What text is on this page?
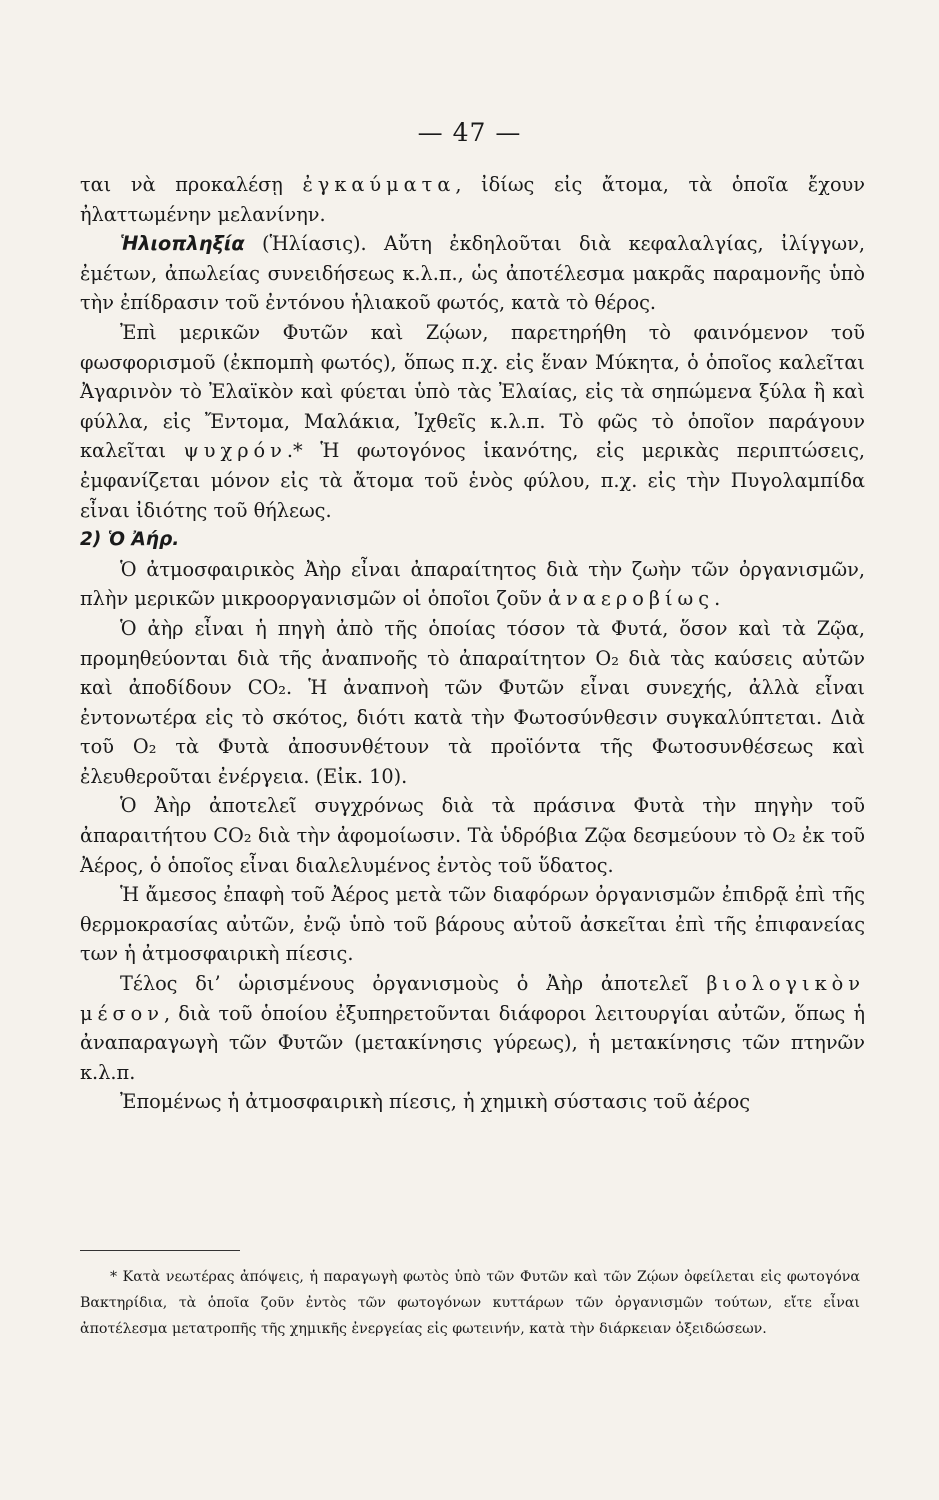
— 47 —

ται νὰ προκαλέσῃ ἐγκαύματα, ἰδίως εἰς ἄτομα, τὰ ὁποῖα ἔχουν ἠλαττωμένην μελανίνην.

Ἡλιοπληξία (Ἡλίασις). Αὔτη ἐκδηλοῦται διὰ κεφαλαλγίας, ἰλίγγων, ἐμέτων, ἀπωλείας συνειδήσεως κ.λ.π., ὡς ἀποτέλεσμα μακρᾶς παραμονῆς ὑπὸ τὴν ἐπίδρασιν τοῦ ἐντόνου ἡλιακοῦ φωτός, κατὰ τὸ θέρος.

Ἐπὶ μερικῶν Φυτῶν καὶ Ζῴων, παρετηρήθη τὸ φαινόμενον τοῦ φωσφορισμοῦ (ἐκπομπὴ φωτός), ὅπως π.χ. εἰς ἕναν Μύκητα, ὁ ὁποῖος καλεῖται Ἀγαρινὸν τὸ Ἐλαϊκὸν καὶ φύεται ὑπὸ τὰς Ἐλαίας, εἰς τὰ σηπώμενα ξύλα ἢ καὶ φύλλα, εἰς Ἔντομα, Μαλάκια, Ἰχθεῖς κ.λ.π. Τὸ φῶς τὸ ὁποῖον παράγουν καλεῖται ψυχρόν.* Ἡ φωτογόνος ἱκανότης, εἰς μερικὰς περιπτώσεις, ἐμφανίζεται μόνον εἰς τὰ ἄτομα τοῦ ἑνὸς φύλου, π.χ. εἰς τὴν Πυγολαμπίδα εἶναι ἰδιότης τοῦ θήλεως.

2) Ὁ Ἀήρ.

Ὁ ἀτμοσφαιρικὸς Ἀὴρ εἶναι ἀπαραίτητος διὰ τὴν ζωὴν τῶν ὀργανισμῶν, πλὴν μερικῶν μικροοργανισμῶν οἱ ὁποῖοι ζοῦν ἀναεροβίως.

Ὁ ἀὴρ εἶναι ἡ πηγὴ ἀπὸ τῆς ὁποίας τόσον τὰ Φυτά, ὅσον καὶ τὰ Ζῷα, προμηθεύονται διὰ τῆς ἀναπνοῆς τὸ ἀπαραίτητον O₂ διὰ τὰς καύσεις αὐτῶν καὶ ἀποδίδουν CO₂. Ἡ ἀναπνοὴ τῶν Φυτῶν εἶναι συνεχής, ἀλλὰ εἶναι ἐντονωτέρα εἰς τὸ σκότος, διότι κατὰ τὴν Φωτοσύνθεσιν συγκαλύπτεται. Διὰ τοῦ O₂ τὰ Φυτὰ ἀποσυνθέτουν τὰ προϊόντα τῆς Φωτοσυνθέσεως καὶ ἐλευθεροῦται ἐνέργεια. (Εἰκ. 10).

Ὁ Ἀὴρ ἀποτελεῖ συγχρόνως διὰ τὰ πράσινα Φυτὰ τὴν πηγὴν τοῦ ἀπαραιτήτου CO₂ διὰ τὴν ἀφομοίωσιν. Τὰ ὑδρόβια Ζῷα δεσμεύουν τὸ O₂ ἐκ τοῦ Ἀέρος, ὁ ὁποῖος εἶναι διαλελυμένος ἐντὸς τοῦ ὕδατος.

Ἡ ἄμεσος ἐπαφὴ τοῦ Ἀέρος μετὰ τῶν διαφόρων ὀργανισμῶν ἐπιδρᾷ ἐπὶ τῆς θερμοκρασίας αὐτῶν, ἐνῷ ὑπὸ τοῦ βάρους αὐτοῦ ἀσκεῖται ἐπὶ τῆς ἐπιφανείας των ἡ ἀτμοσφαιρικὴ πίεσις.

Τέλος δι’ ὡρισμένους ὀργανισμοὺς ὁ Ἀὴρ ἀποτελεῖ βιολογικὸν μέσον, διὰ τοῦ ὁποίου ἐξυπηρετοῦνται διάφοροι λειτουργίαι αὐτῶν, ὅπως ἡ ἀναπαραγωγὴ τῶν Φυτῶν (μετακίνησις γύρεως), ἡ μετακίνησις τῶν πτηνῶν κ.λ.π.

Ἐπομένως ἡ ἀτμοσφαιρικὴ πίεσις, ἡ χημικὴ σύστασις τοῦ ἀέρος

* Κατὰ νεωτέρας ἀπόψεις, ἡ παραγωγὴ φωτὸς ὑπὸ τῶν Φυτῶν καὶ τῶν Ζῴων ὀφείλεται εἰς φωτογόνα Βακτηρίδια, τὰ ὁποῖα ζοῦν ἐντὸς τῶν φωτογόνων κυττάρων τῶν ὀργανισμῶν τούτων, εἴτε εἶναι ἀποτέλεσμα μετατροπῆς τῆς χημικῆς ἐνεργείας εἰς φωτεινήν, κατὰ τὴν διάρκειαν ὀξειδώσεων.
